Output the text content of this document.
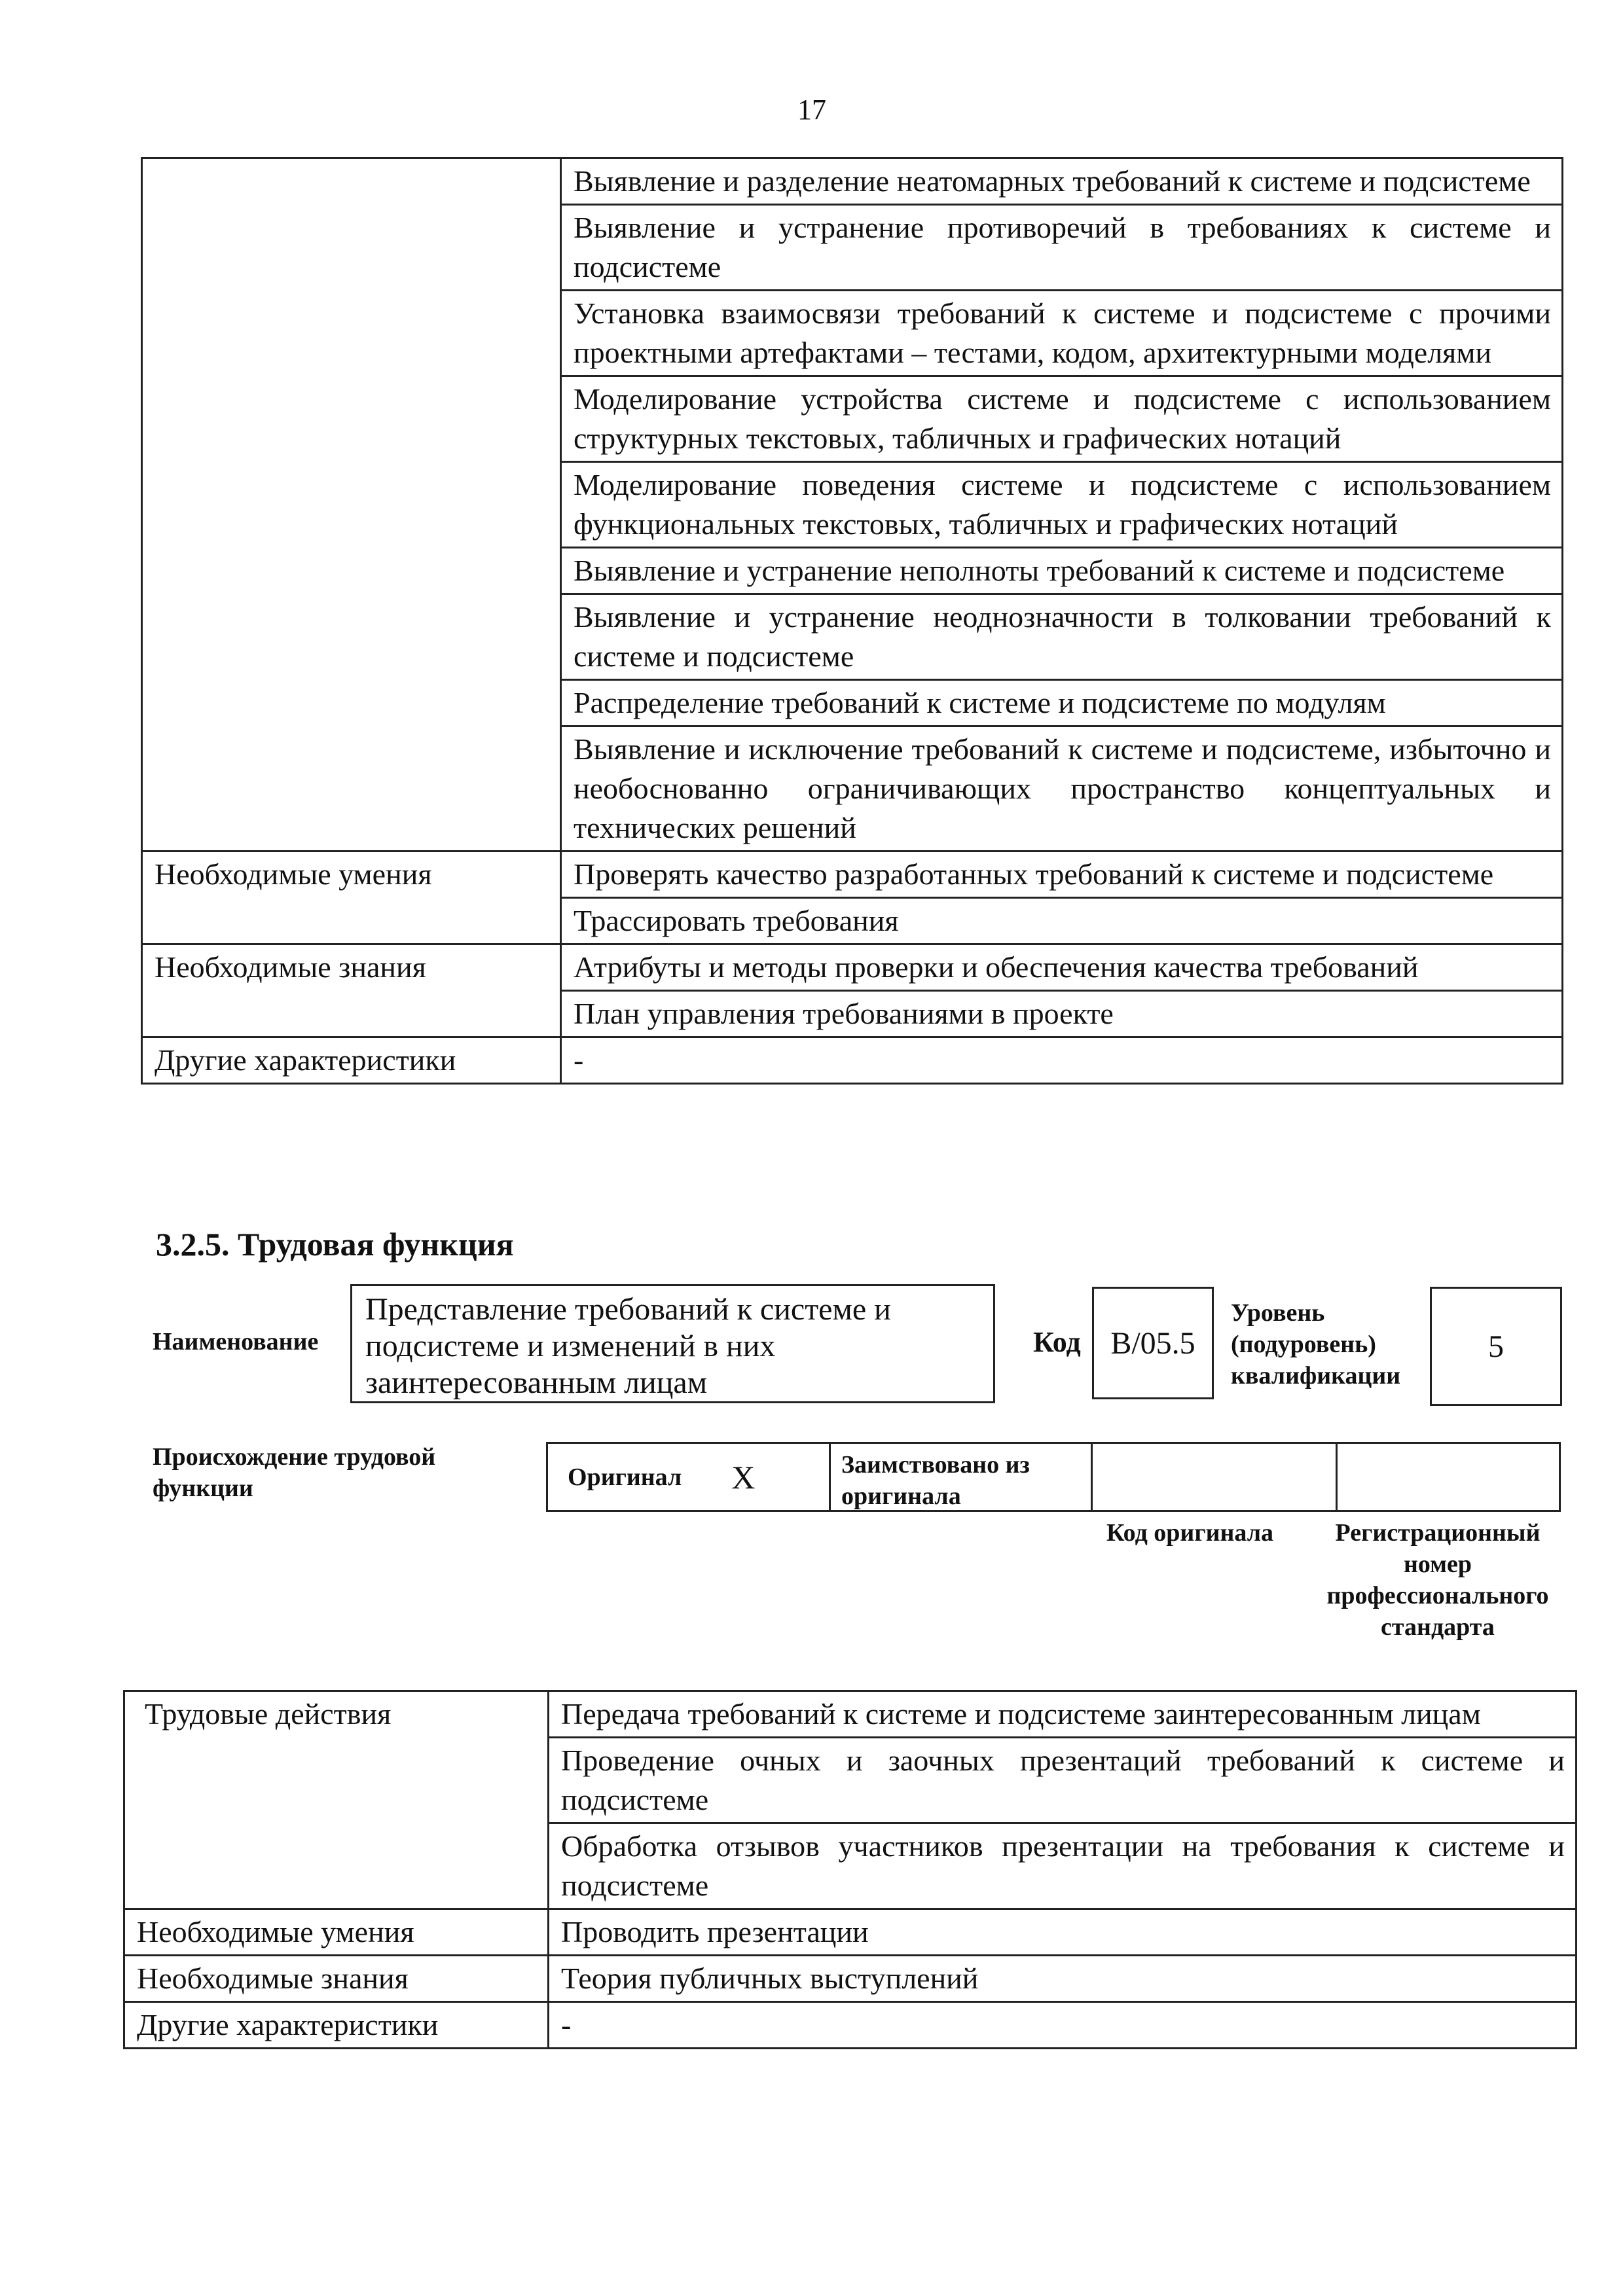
17
	Выявление и разделение неатомарных требований к системе и подсистеме
	Выявление и устранение противоречий в требованиях к системе и подсистеме
	Установка взаимосвязи требований к системе и подсистеме с прочими проектными артефактами – тестами, кодом, архитектурными моделями
	Моделирование устройства системе и подсистеме с использованием структурных текстовых, табличных и графических нотаций
	Моделирование поведения системе и подсистеме с использованием функциональных текстовых, табличных и графических нотаций
	Выявление и устранение неполноты требований к системе и подсистеме
	Выявление и устранение неоднозначности в толковании требований к системе и подсистеме
	Распределение требований к системе и подсистеме по модулям
	Выявление и исключение требований к системе и подсистеме, избыточно и необоснованно ограничивающих пространство концептуальных и технических решений
Необходимые умения	Проверять качество разработанных требований к системе и подсистеме
	Трассировать требования
Необходимые знания	Атрибуты и методы проверки и обеспечения качества требований
	План управления требованиями в проекте
Другие характеристики	-
3.2.5. Трудовая функция
Наименование
Представление требований к системе и подсистеме и изменений в них заинтересованным лицам
Код B/05.5
Уровень (подуровень) квалификации
5
Происхождение трудовой функции	Оригинал X	Заимствовано из оригинала
Код оригинала	Регистрационный номер профессионального стандарта
Трудовые действия	Передача требований к системе и подсистеме заинтересованным лицам
	Проведение очных и заочных презентаций требований к системе и подсистеме
	Обработка отзывов участников презентации на требования к системе и подсистеме
Необходимые умения	Проводить презентации
Необходимые знания	Теория публичных выступлений
Другие характеристики	-
